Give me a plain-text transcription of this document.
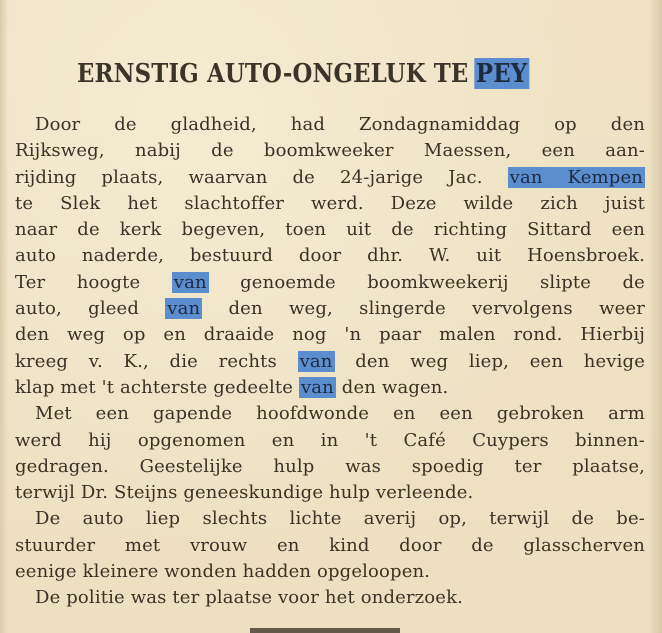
ERNSTIG AUTO-ONGELUK TE PEY
Door de gladheid, had Zondagnamiddag op den
Rijksweg, nabij de boomkweeker Maessen, een aan-
rijding plaats, waarvan de 24-jarige Jac. van Kempen
te Slek het slachtoffer werd. Deze wilde zich juist
naar de kerk begeven, toen uit de richting Sittard een
auto naderde, bestuurd door dhr. W. uit Hoensbroek.
Ter hoogte van genoemde boomkweekerij slipte de
auto, gleed van den weg, slingerde vervolgens weer
den weg op en draaide nog 'n paar malen rond. Hierbij
kreeg v. K., die rechts van den weg liep, een hevige
klap met 't achterste gedeelte van den wagen.
Met een gapende hoofdwonde en een gebroken arm
werd hij opgenomen en in 't Café Cuypers binnen-
gedragen. Geestelijke hulp was spoedig ter plaatse,
terwijl Dr. Steijns geneeskundige hulp verleende.
De auto liep slechts lichte averij op, terwijl de be-
stuurder met vrouw en kind door de glasscherven
eenige kleinere wonden hadden opgeloopen.
De politie was ter plaatse voor het onderzoek.
